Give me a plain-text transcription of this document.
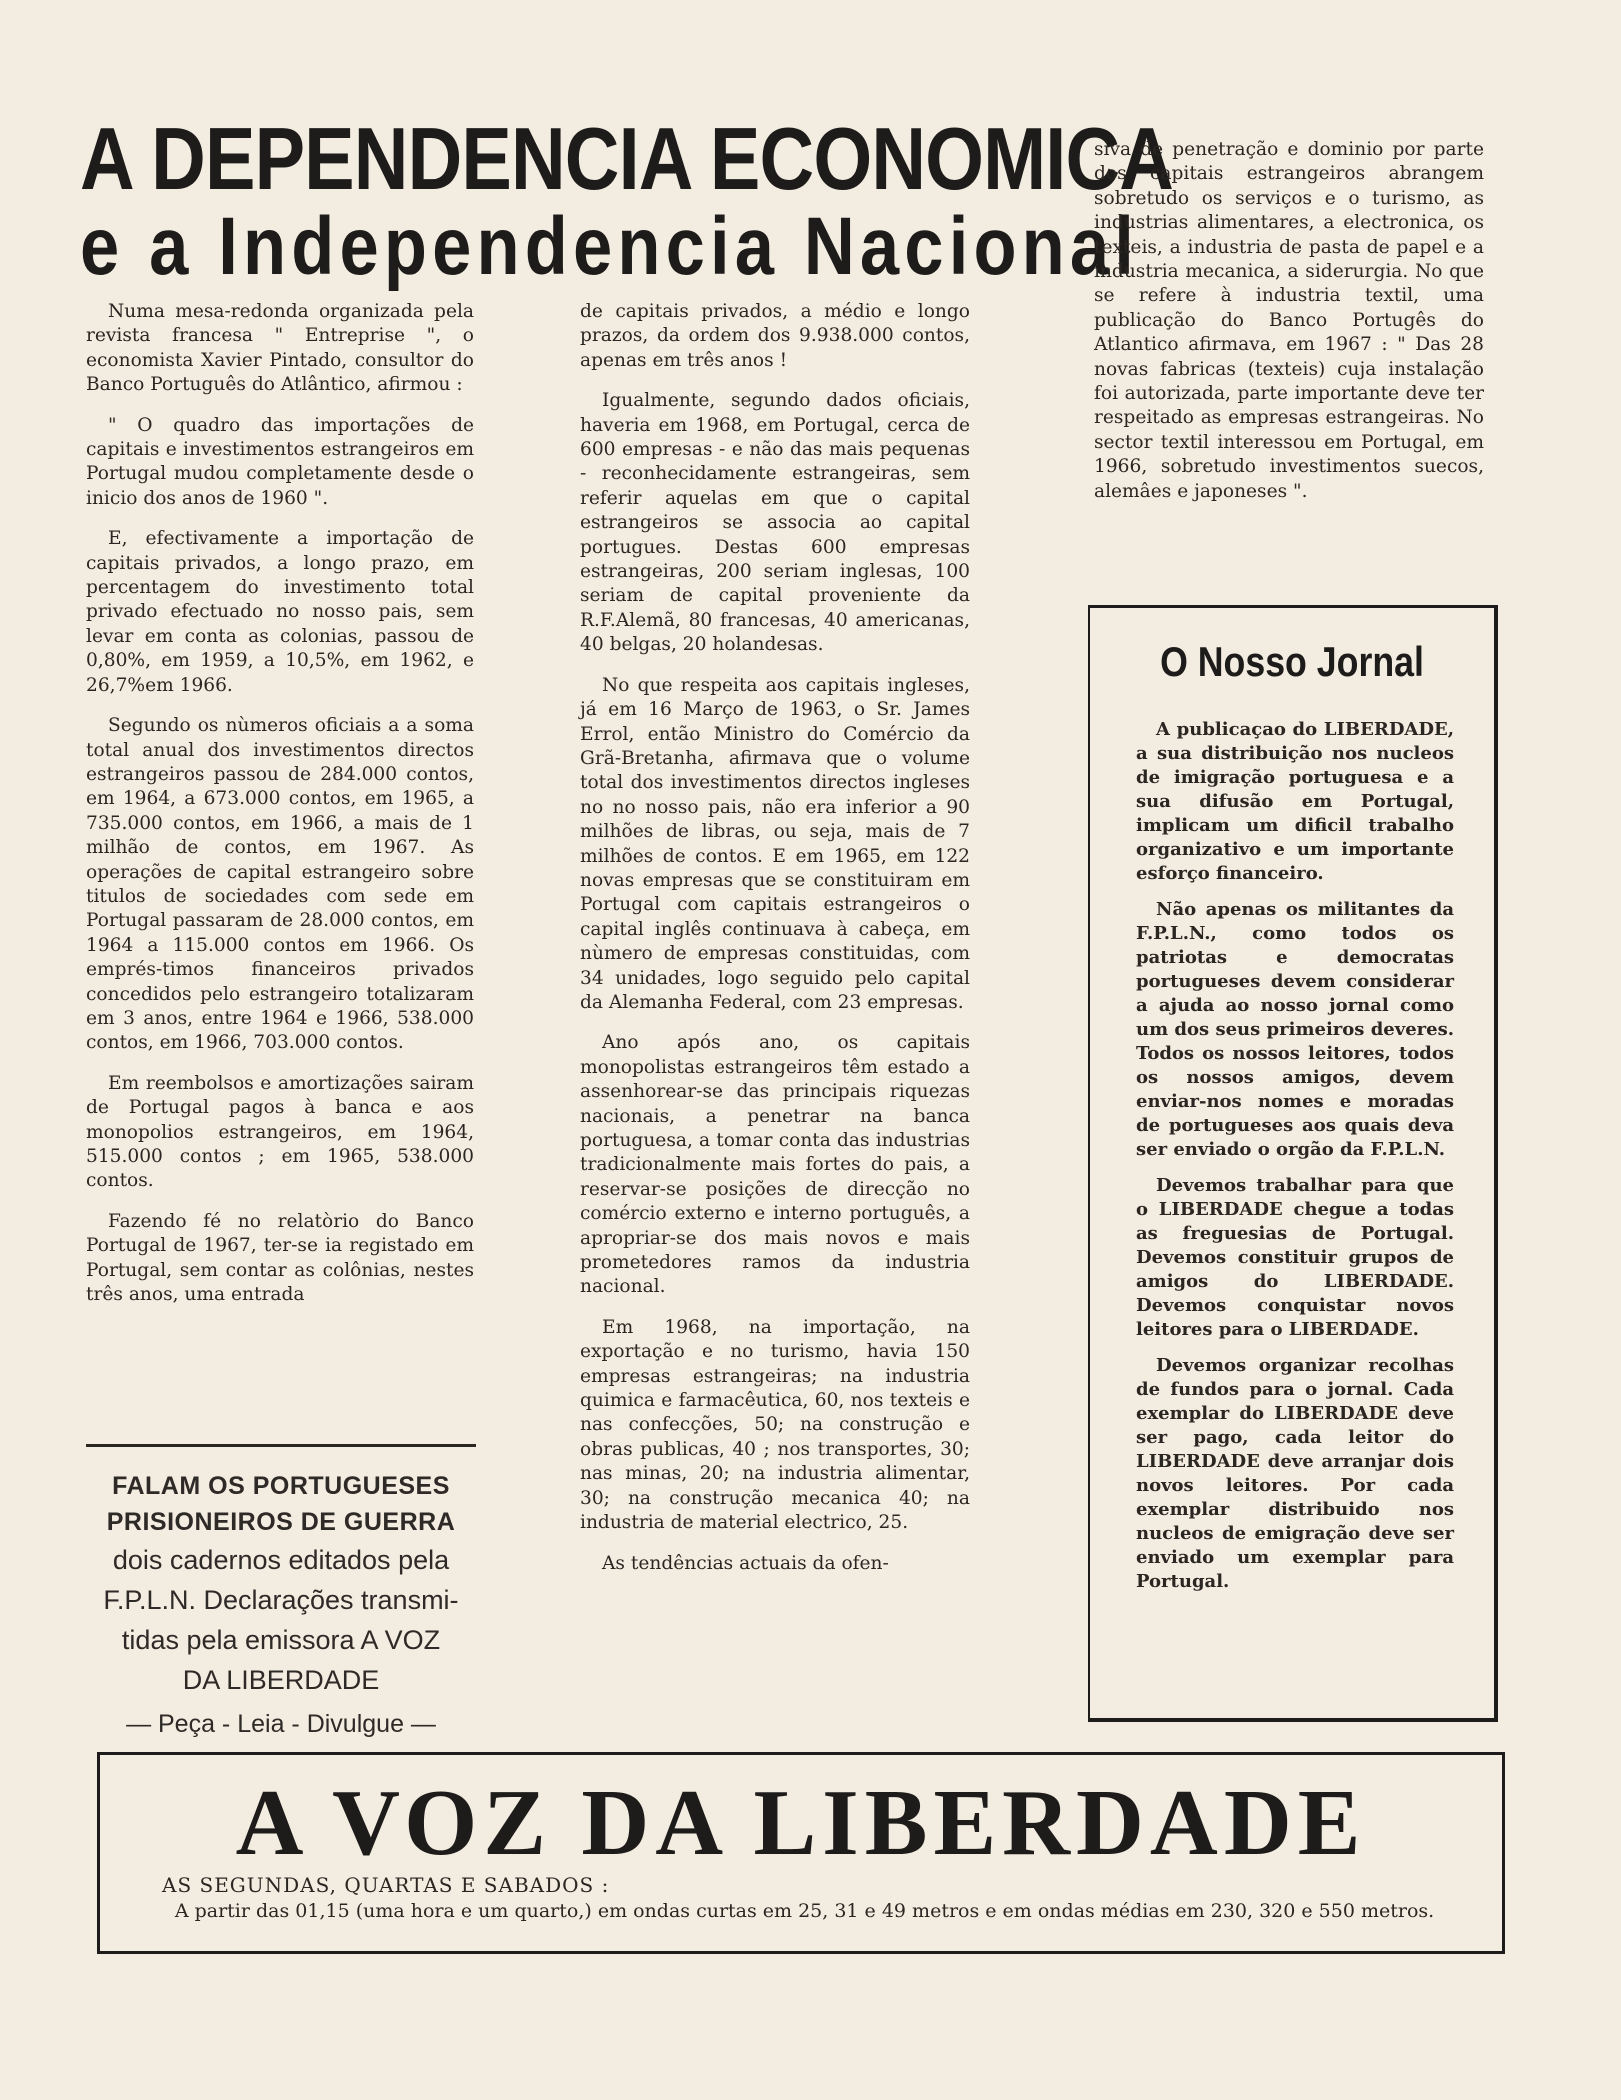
A DEPENDENCIA ECONOMICA
e a Independencia Nacional

Numa mesa-redonda organizada pela revista francesa " Entreprise ", o economista Xavier Pintado, consultor do Banco Português do Atlântico, afirmou :

" O quadro das importações de capitais e investimentos estrangeiros em Portugal mudou completamente desde o inicio dos anos de 1960 ".

E, efectivamente a importação de capitais privados, a longo prazo, em percentagem do investimento total privado efectuado no nosso pais, sem levar em conta as colonias, passou de 0,80%, em 1959, a 10,5%, em 1962, e 26,7%em 1966.

Segundo os nùmeros oficiais a a soma total anual dos investimentos directos estrangeiros passou de 284.000 contos, em 1964, a 673.000 contos, em 1965, a 735.000 contos, em 1966, a mais de 1 milhão de contos, em 1967. As operações de capital estrangeiro sobre titulos de sociedades com sede em Portugal passaram de 28.000 contos, em 1964 a 115.000 contos em 1966. Os emprés-timos financeiros privados concedidos pelo estrangeiro totalizaram em 3 anos, entre 1964 e 1966, 538.000 contos, em 1966, 703.000 contos.

Em reembolsos e amortizações sairam de Portugal pagos à banca e aos monopolios estrangeiros, em 1964, 515.000 contos ; em 1965, 538.000 contos.

Fazendo fé no relatòrio do Banco Portugal de 1967, ter-se ia registado em Portugal, sem contar as colônias, nestes três anos, uma entrada

FALAM OS PORTUGUESES
PRISIONEIROS DE GUERRA
dois cadernos editados pela
F.P.L.N. Declarações transmi-
tidas pela emissora A VOZ
DA LIBERDADE
— Peça - Leia - Divulgue —

de capitais privados, a médio e longo prazos, da ordem dos 9.938.000 contos, apenas em três anos !

Igualmente, segundo dados oficiais, haveria em 1968, em Portugal, cerca de 600 empresas - e não das mais pequenas - reconhecidamente estrangeiras, sem referir aquelas em que o capital estrangeiros se associa ao capital portugues. Destas 600 empresas estrangeiras, 200 seriam inglesas, 100 seriam de capital proveniente da R.F.Alemã, 80 francesas, 40 americanas, 40 belgas, 20 holandesas.

No que respeita aos capitais ingleses, já em 16 Março de 1963, o Sr. James Errol, então Ministro do Comércio da Grã-Bretanha, afirmava que o volume total dos investimentos directos ingleses no no nosso pais, não era inferior a 90 milhões de libras, ou seja, mais de 7 milhões de contos. E em 1965, em 122 novas empresas que se constituiram em Portugal com capitais estrangeiros o capital inglês continuava à cabeça, em nùmero de empresas constituidas, com 34 unidades, logo seguido pelo capital da Alemanha Federal, com 23 empresas.

Ano após ano, os capitais monopolistas estrangeiros têm estado a assenhorear-se das principais riquezas nacionais, a penetrar na banca portuguesa, a tomar conta das industrias tradicionalmente mais fortes do pais, a reservar-se posições de direcção no comércio externo e interno português, a apropriar-se dos mais novos e mais prometedores ramos da industria nacional.

Em 1968, na importação, na exportação e no turismo, havia 150 empresas estrangeiras; na industria quimica e farmacêutica, 60, nos texteis e nas confecções, 50; na construção e obras publicas, 40 ; nos transportes, 30; nas minas, 20; na industria alimentar, 30; na construção mecanica 40; na industria de material electrico, 25.

As tendências actuais da ofen-

siva de penetração e dominio por parte dos capitais estrangeiros abrangem sobretudo os serviços e o turismo, as industrias alimentares, a electronica, os texteis, a industria de pasta de papel e a industria mecanica, a siderurgia. No que se refere à industria textil, uma publicação do Banco Portugês do Atlantico afirmava, em 1967 : " Das 28 novas fabricas (texteis) cuja instalação foi autorizada, parte importante deve ter respeitado as empresas estrangeiras. No sector textil interessou em Portugal, em 1966, sobretudo investimentos suecos, alemâes e japoneses ".

O Nosso Jornal

A publicaçao do LIBERDADE, a sua distribuição nos nucleos de imigração portuguesa e a sua difusão em Portugal, implicam um dificil trabalho organizativo e um importante esforço financeiro.

Não apenas os militantes da F.P.L.N., como todos os patriotas e democratas portugueses devem considerar a ajuda ao nosso jornal como um dos seus primeiros deveres. Todos os nossos leitores, todos os nossos amigos, devem enviar-nos nomes e moradas de portugueses aos quais deva ser enviado o orgão da F.P.L.N.

Devemos trabalhar para que o LIBERDADE chegue a todas as freguesias de Portugal. Devemos constituir grupos de amigos do LIBERDADE. Devemos conquistar novos leitores para o LIBERDADE.

Devemos organizar recolhas de fundos para o jornal. Cada exemplar do LIBERDADE deve ser pago, cada leitor do LIBERDADE deve arranjar dois novos leitores. Por cada exemplar distribuido nos nucleos de emigração deve ser enviado um exemplar para Portugal.

A VOZ DA LIBERDADE
AS SEGUNDAS, QUARTAS E SABADOS :
A partir das 01,15 (uma hora e um quarto,) em ondas curtas em 25, 31 e 49 metros e em ondas médias em 230, 320 e 550 metros.
